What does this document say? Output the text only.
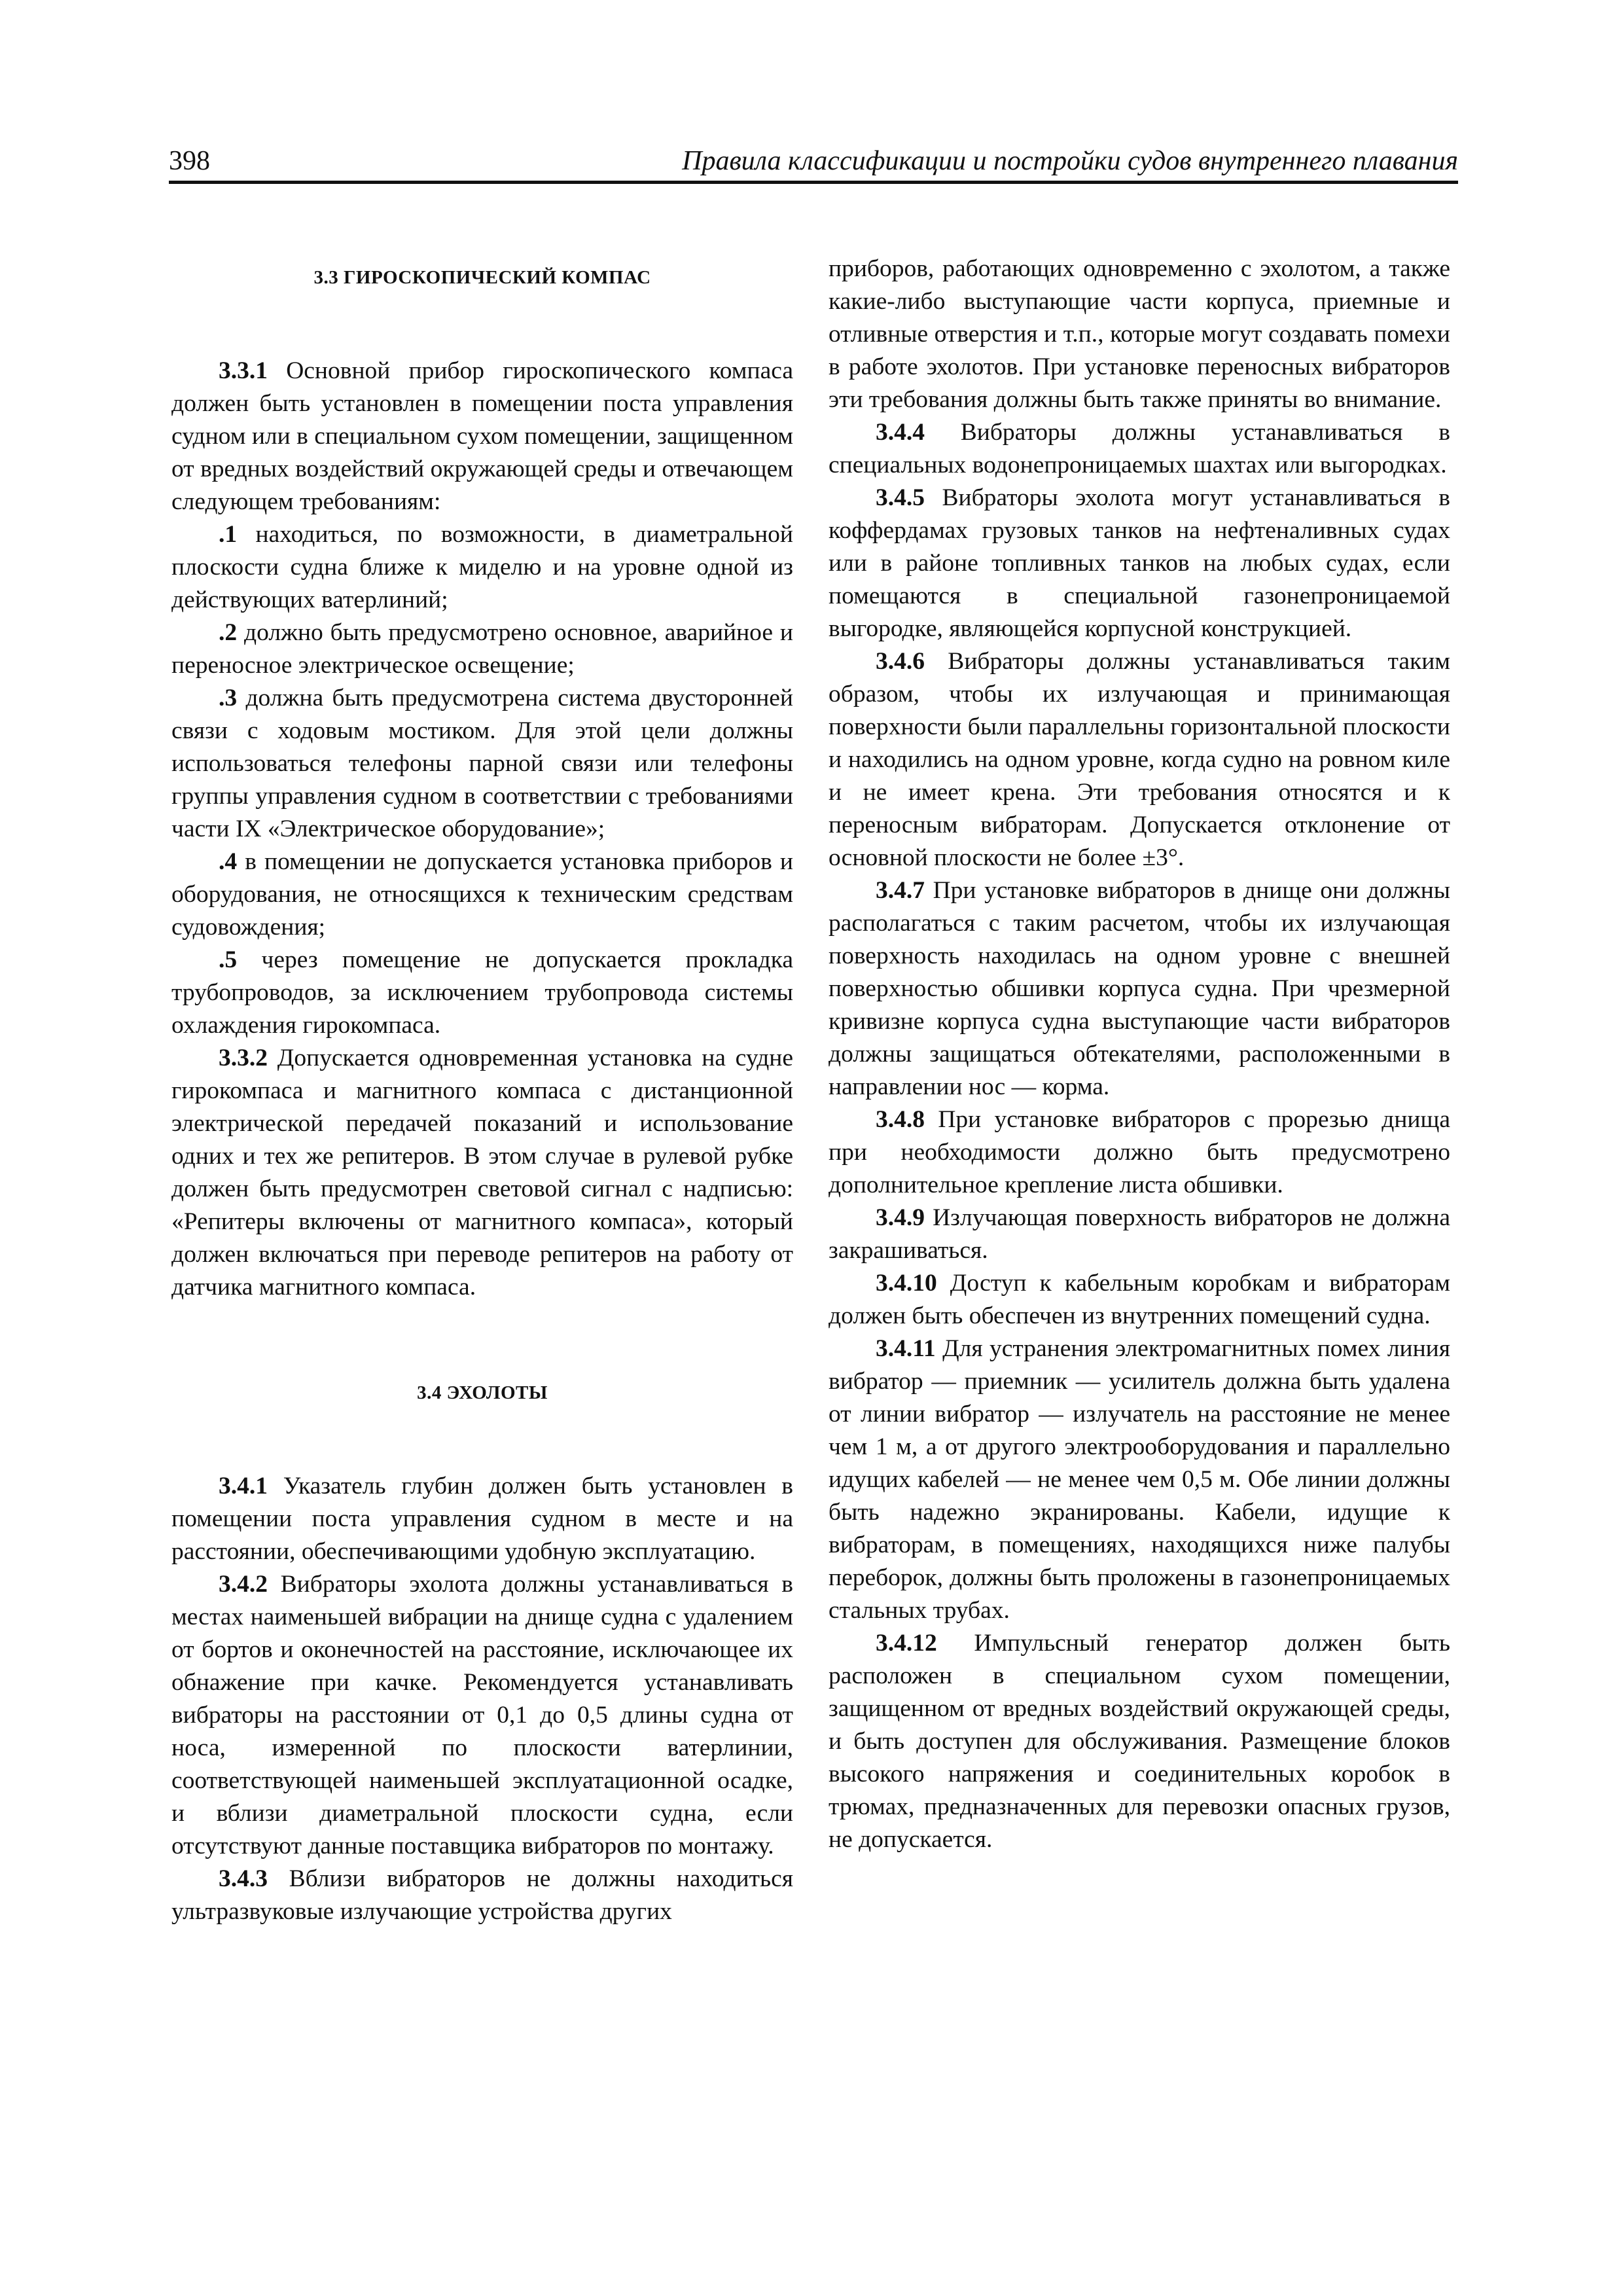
398	Правила классификации и постройки судов внутреннего плавания

3.3 ГИРОСКОПИЧЕСКИЙ КОМПАС

3.3.1 Основной прибор гироскопического компаса должен быть установлен в помещении поста управления судном или в специальном сухом помещении, защищенном от вредных воздействий окружающей среды и отвечающем следующем требованиям:

.1 находиться, по возможности, в диаметральной плоскости судна ближе к миделю и на уровне одной из действующих ватерлиний;

.2 должно быть предусмотрено основное, аварийное и переносное электрическое освещение;

.3 должна быть предусмотрена система двусторонней связи с ходовым мостиком. Для этой цели должны использоваться телефоны парной связи или телефоны группы управления судном в соответствии с требованиями части IX «Электрическое оборудование»;

.4 в помещении не допускается установка приборов и оборудования, не относящихся к техническим средствам судовождения;

.5 через помещение не допускается прокладка трубопроводов, за исключением трубопровода системы охлаждения гирокомпаса.

3.3.2 Допускается одновременная установка на судне гирокомпаса и магнитного компаса с дистанционной электрической передачей показаний и использование одних и тех же репитеров. В этом случае в рулевой рубке должен быть предусмотрен световой сигнал с надписью: «Репитеры включены от магнитного компаса», который должен включаться при переводе репитеров на работу от датчика магнитного компаса.

3.4 ЭХОЛОТЫ

3.4.1 Указатель глубин должен быть установлен в помещении поста управления судном в месте и на расстоянии, обеспечивающими удобную эксплуатацию.

3.4.2 Вибраторы эхолота должны устанавливаться в местах наименьшей вибрации на днище судна с удалением от бортов и оконечностей на расстояние, исключающее их обнажение при качке. Рекомендуется устанавливать вибраторы на расстоянии от 0,1 до 0,5 длины судна от носа, измеренной по плоскости ватерлинии, соответствующей наименьшей эксплуатационной осадке, и вблизи диаметральной плоскости судна, если отсутствуют данные поставщика вибраторов по монтажу.

3.4.3 Вблизи вибраторов не должны находиться ультразвуковые излучающие устройства других

приборов, работающих одновременно с эхолотом, а также какие-либо выступающие части корпуса, приемные и отливные отверстия и т.п., которые могут создавать помехи в работе эхолотов. При установке переносных вибраторов эти требования должны быть также приняты во внимание.

3.4.4 Вибраторы должны устанавливаться в специальных водонепроницаемых шахтах или выгородках.

3.4.5 Вибраторы эхолота могут устанавливаться в коффердамах грузовых танков на нефтеналивных судах или в районе топливных танков на любых судах, если помещаются в специальной газонепроницаемой выгородке, являющейся корпусной конструкцией.

3.4.6 Вибраторы должны устанавливаться таким образом, чтобы их излучающая и принимающая поверхности были параллельны горизонтальной плоскости и находились на одном уровне, когда судно на ровном киле и не имеет крена. Эти требования относятся и к переносным вибраторам. Допускается отклонение от основной плоскости не более ±3°.

3.4.7 При установке вибраторов в днище они должны располагаться с таким расчетом, чтобы их излучающая поверхность находилась на одном уровне с внешней поверхностью обшивки корпуса судна. При чрезмерной кривизне корпуса судна выступающие части вибраторов должны защищаться обтекателями, расположенными в направлении нос — корма.

3.4.8 При установке вибраторов с прорезью днища при необходимости должно быть предусмотрено дополнительное крепление листа обшивки.

3.4.9 Излучающая поверхность вибраторов не должна закрашиваться.

3.4.10 Доступ к кабельным коробкам и вибраторам должен быть обеспечен из внутренних помещений судна.

3.4.11 Для устранения электромагнитных помех линия вибратор — приемник — усилитель должна быть удалена от линии вибратор — излучатель на расстояние не менее чем 1 м, а от другого электрооборудования и параллельно идущих кабелей — не менее чем 0,5 м. Обе линии должны быть надежно экранированы. Кабели, идущие к вибраторам, в помещениях, находящихся ниже палубы переборок, должны быть проложены в газонепроницаемых стальных трубах.

3.4.12 Импульсный генератор должен быть расположен в специальном сухом помещении, защищенном от вредных воздействий окружающей среды, и быть доступен для обслуживания. Размещение блоков высокого напряжения и соединительных коробок в трюмах, предназначенных для перевозки опасных грузов, не допускается.
